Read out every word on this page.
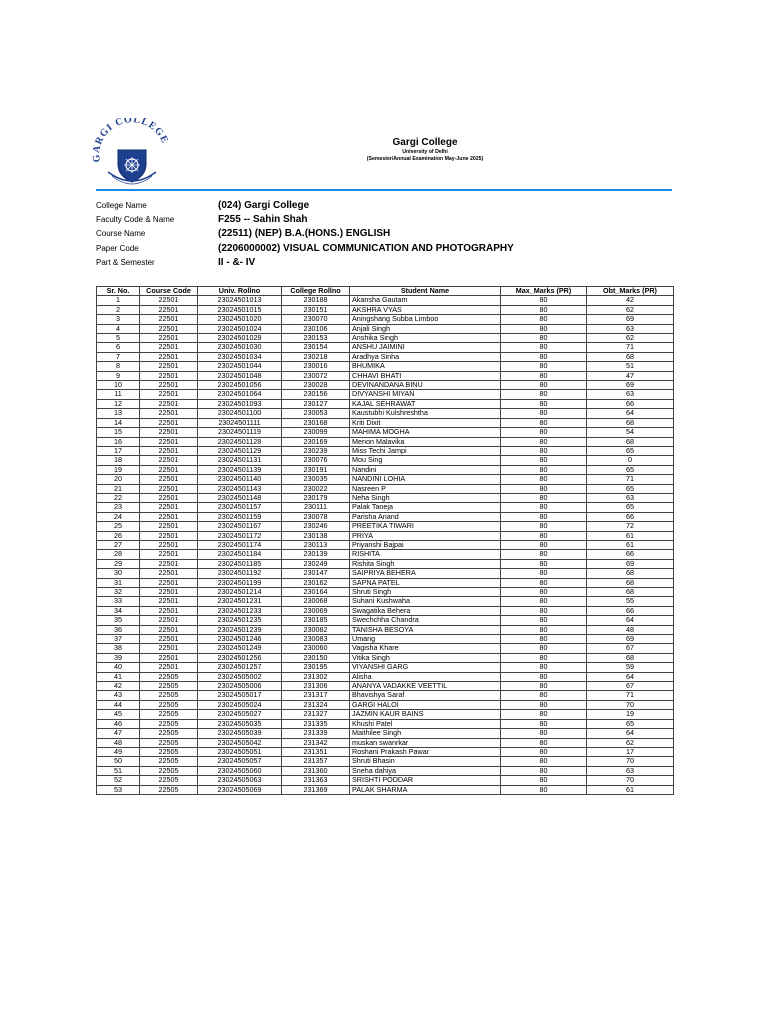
GARGI COLLEGE	Gargi College
University of Delhi
(Semester/Annual Examination May-June 2025)
College Name	(024) Gargi College
Faculty Code & Name	F255 -- Sahin Shah
Course Name	(22511) (NEP) B.A.(HONS.) ENGLISH
Paper Code	(2206000002) VISUAL COMMUNICATION AND PHOTOGRAPHY
Part & Semester	II - &- IV
Sr. No.	Course Code	Univ. Rollno	College Rollno	Student Name	Max_Marks (PR)	Obt_Marks (PR)
1	22501	23024501013	230188	Akansha Gautam	80	42
2	22501	23024501015	230151	AKSHRA VYAS	80	62
3	22501	23024501020	230070	Aningshang Subba Limboo	80	69
4	22501	23024501024	230106	Anjali Singh	80	63
5	22501	23024501029	230153	Anshika Singh	80	62
6	22501	23024501030	230154	ANSHU JAIMINI	80	71
7	22501	23024501034	230218	Aradhya Sinha	80	68
8	22501	23024501044	230016	BHUMIKA	80	51
9	22501	23024501048	230072	CHHAVI BHATI	80	47
10	22501	23024501056	230028	DEVINANDANA BINU	80	69
11	22501	23024501064	230156	DIVYANSHI MIYAN	80	63
12	22501	23024501093	230127	KAJAL SEHRAWAT	80	66
13	22501	23024501100	230053	Kaustubhi Kulshreshtha	80	64
14	22501	23024501111	230168	Kriti Dixit	80	68
15	22501	23024501119	230099	MAHIMA MOGHA	80	54
16	22501	23024501128	230169	Menon Malavika	80	68
17	22501	23024501129	230239	Miss Techi Jampi	80	65
18	22501	23024501131	230076	Mou Sing	80	0
19	22501	23024501139	230191	Nandini	80	65
20	22501	23024501140	230035	NANDINI LOHIA	80	71
21	22501	23024501143	230022	Nasreen P	80	65
22	22501	23024501148	230179	Neha Singh	80	63
23	22501	23024501157	230111	Palak Taneja	80	65
24	22501	23024501159	230078	Parisha Anand	80	66
25	22501	23024501167	230246	PREETIKA TIWARI	80	72
26	22501	23024501172	230138	PRIYA	80	61
27	22501	23024501174	230113	Priyanshi Bajpai	80	61
28	22501	23024501184	230139	RISHITA	80	66
29	22501	23024501185	230249	Rishita Singh	80	69
30	22501	23024501192	230147	SAIPRIYA BEHERA	80	68
31	22501	23024501199	230162	SAPNA PATEL	80	68
32	22501	23024501214	230164	Shruti Singh	80	68
33	22501	23024501231	230068	Suhani Kushwaha	80	55
34	22501	23024501233	230069	Swagatika Behera	80	66
35	22501	23024501235	230185	Swechchha Chandra	80	64
36	22501	23024501239	230082	TANISHA BESOYA	80	48
37	22501	23024501246	230083	Umang	80	69
38	22501	23024501249	230060	Vagisha Khare	80	67
39	22501	23024501256	230150	Vitika Singh	80	68
40	22501	23024501257	230195	VIYANSHI GARG	80	59
41	22505	23024505002	231302	Alisha	80	64
42	22505	23024505006	231306	ANANYA VADAKKE VEETTIL	80	67
43	22505	23024505017	231317	Bhavishya Saraf	80	71
44	22505	23024505024	231324	GARGI HALOI	80	70
45	22505	23024505027	231327	JAZMIN KAUR BAINS	80	19
46	22505	23024505035	231335	Khushi Patel	80	65
47	22505	23024505039	231339	Maithilee Singh	80	64
48	22505	23024505042	231342	muskan swanrkar	80	62
49	22505	23024505051	231351	Roshani Prakash Pawar	80	17
50	22505	23024505057	231357	Shruti Bhasin	80	70
51	22505	23024505060	231360	Sneha dahiya	80	63
52	22505	23024505063	231363	SRISHTI PODDAR	80	70
53	22505	23024505069	231369	PALAK SHARMA	80	61
